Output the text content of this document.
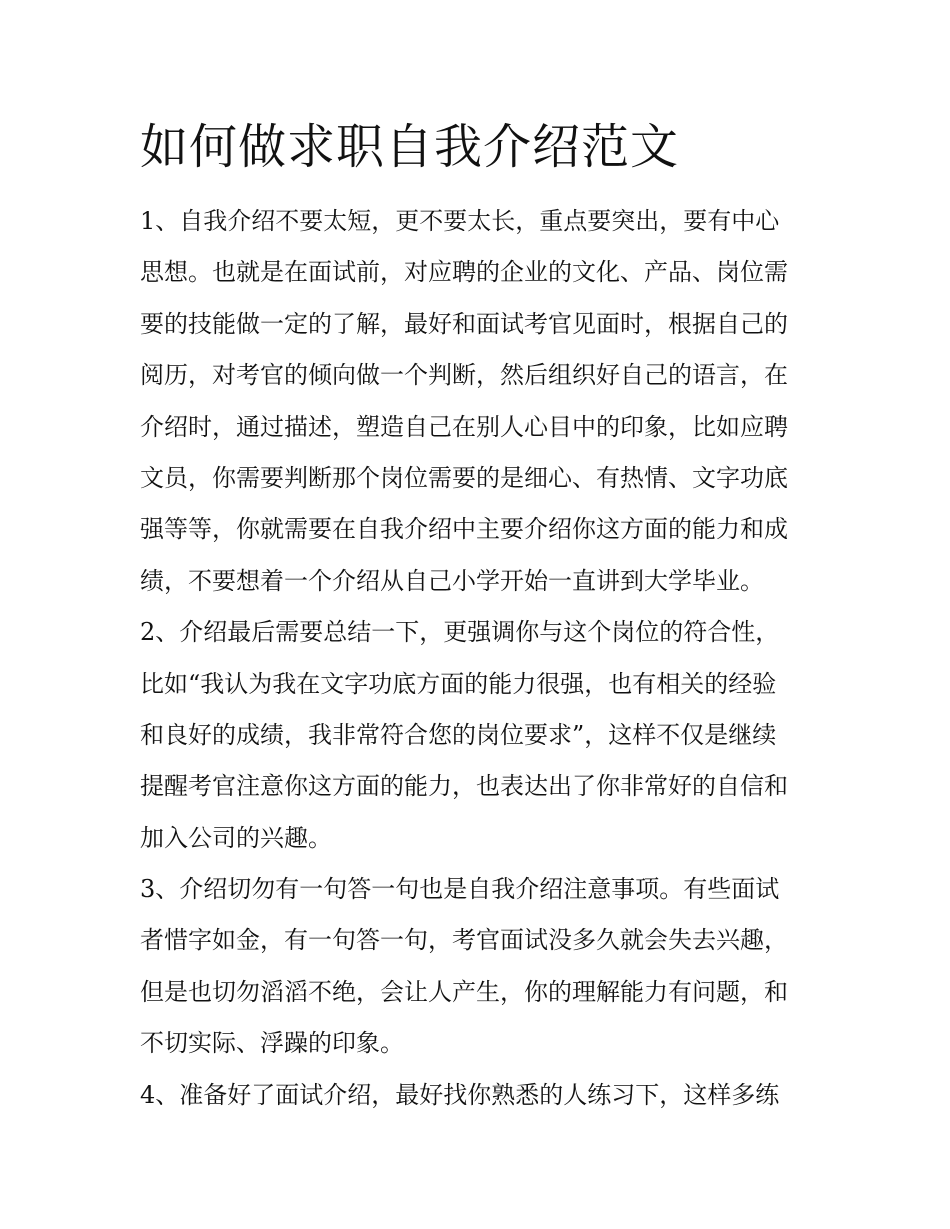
如何做求职自我介绍范文
1、自我介绍不要太短，更不要太长，重点要突出，要有中心
思想。也就是在面试前，对应聘的企业的文化、产品、岗位需
要的技能做一定的了解，最好和面试考官见面时，根据自己的
阅历，对考官的倾向做一个判断，然后组织好自己的语言，在
介绍时，通过描述，塑造自己在别人心目中的印象，比如应聘
文员，你需要判断那个岗位需要的是细心、有热情、文字功底
强等等，你就需要在自我介绍中主要介绍你这方面的能力和成
绩，不要想着一个介绍从自己小学开始一直讲到大学毕业。
2、介绍最后需要总结一下，更强调你与这个岗位的符合性，
比如“我认为我在文字功底方面的能力很强，也有相关的经验
和良好的成绩，我非常符合您的岗位要求”，这样不仅是继续
提醒考官注意你这方面的能力，也表达出了你非常好的自信和
加入公司的兴趣。
3、介绍切勿有一句答一句也是自我介绍注意事项。有些面试
者惜字如金，有一句答一句，考官面试没多久就会失去兴趣，
但是也切勿滔滔不绝，会让人产生，你的理解能力有问题，和
不切实际、浮躁的印象。
4、准备好了面试介绍，最好找你熟悉的人练习下，这样多练
